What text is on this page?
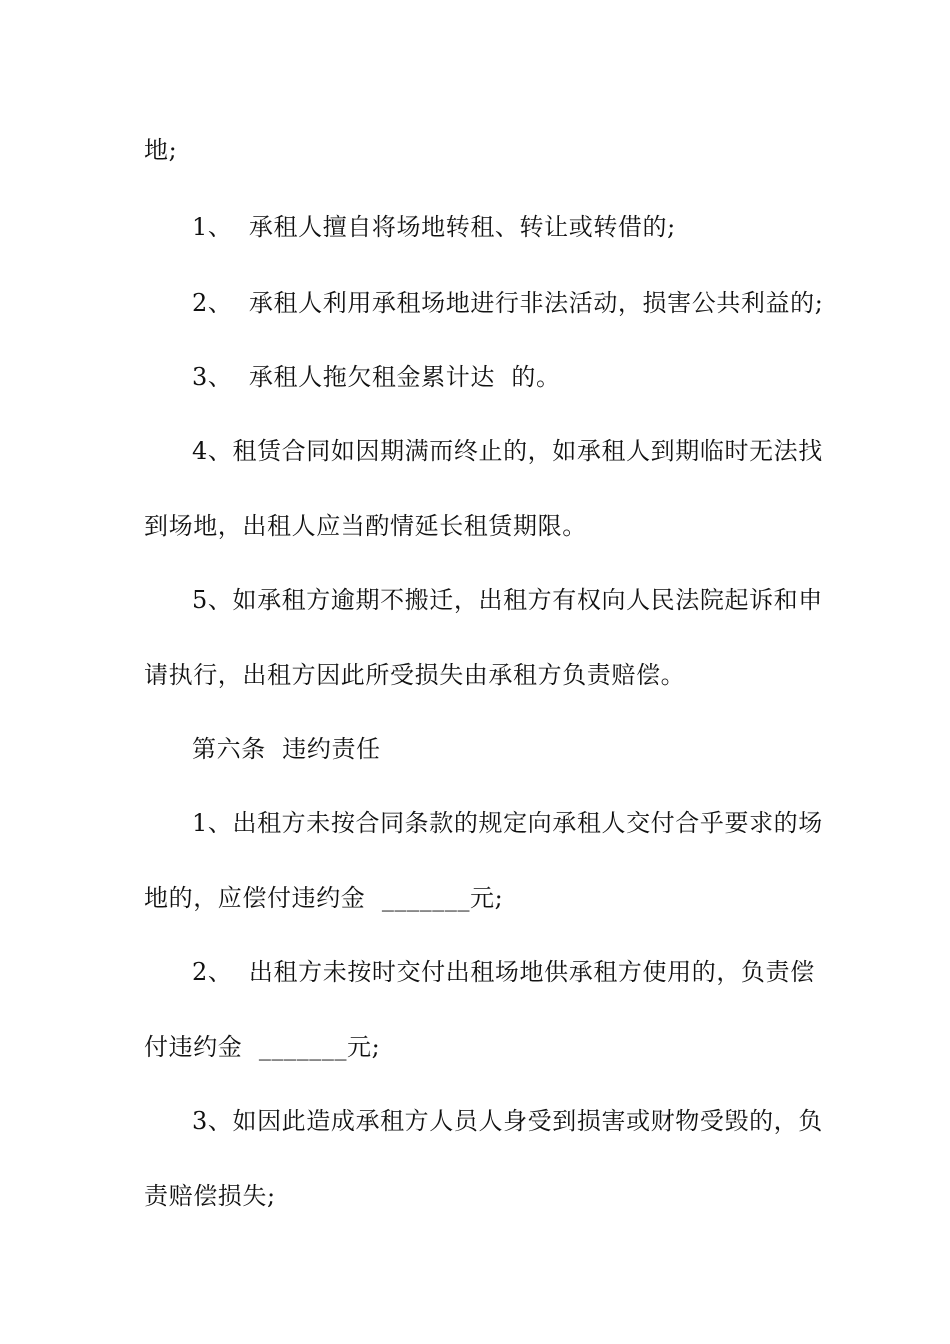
地;
1、  承租人擅自将场地转租、转让或转借的;
2、  承租人利用承租场地进行非法活动，损害公共利益的;
3、  承租人拖欠租金累计达  的。
4、租赁合同如因期满而终止的，如承租人到期临时无法找
到场地，出租人应当酌情延长租赁期限。
5、如承租方逾期不搬迁，出租方有权向人民法院起诉和申
请执行，出租方因此所受损失由承租方负责赔偿。
第六条  违约责任
1、出租方未按合同条款的规定向承租人交付合乎要求的场
地的，应偿付违约金  _______元;
2、  出租方未按时交付出租场地供承租方使用的，负责偿
付违约金  _______元;
3、如因此造成承租方人员人身受到损害或财物受毁的，负
责赔偿损失;
